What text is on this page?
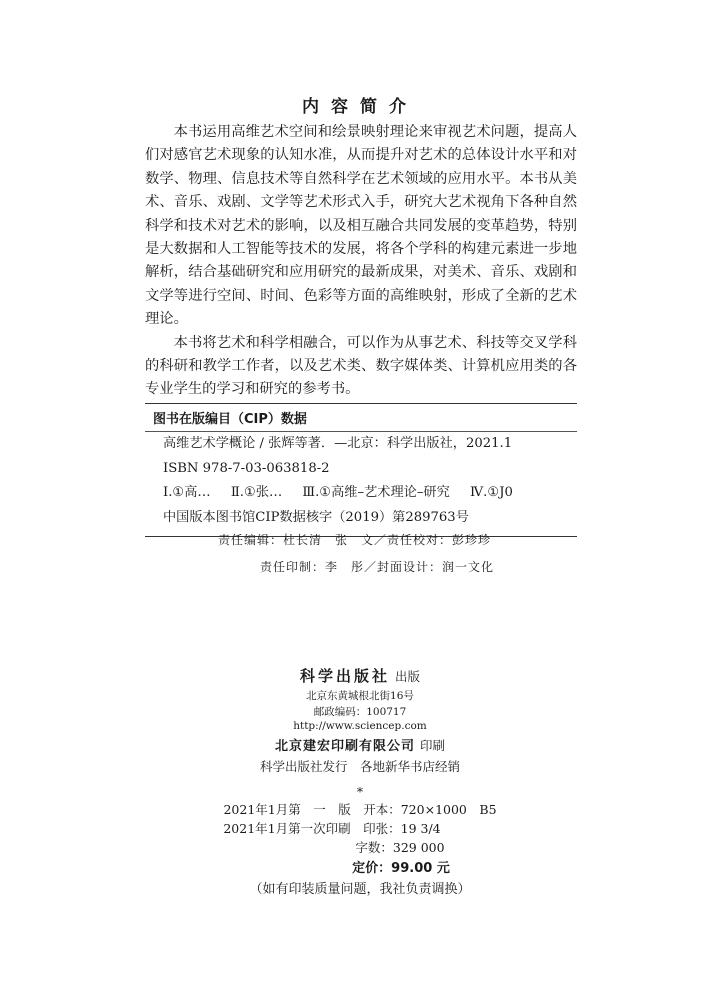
内容简介

本书运用高维艺术空间和绘景映射理论来审视艺术问题，提高人们对感官艺术现象的认知水准，从而提升对艺术的总体设计水平和对数学、物理、信息技术等自然科学在艺术领域的应用水平。本书从美术、音乐、戏剧、文学等艺术形式入手，研究大艺术视角下各种自然科学和技术对艺术的影响，以及相互融合共同发展的变革趋势，特别是大数据和人工智能等技术的发展，将各个学科的构建元素进一步地解析，结合基础研究和应用研究的最新成果，对美术、音乐、戏剧和文学等进行空间、时间、色彩等方面的高维映射，形成了全新的艺术理论。

本书将艺术和科学相融合，可以作为从事艺术、科技等交叉学科的科研和教学工作者，以及艺术类、数字媒体类、计算机应用类的各专业学生的学习和研究的参考书。

图书在版编目（CIP）数据
高维艺术学概论 / 张辉等著．—北京：科学出版社，2021.1
ISBN 978-7-03-063818-2
Ⅰ.①高… Ⅱ.①张… Ⅲ.①高维–艺术理论–研究 Ⅳ.①J0
中国版本图书馆CIP数据核字（2019）第289763号
责任编辑：杜长清　张　文／责任校对：彭珍珍
责任印制：李　彤／封面设计：润一文化
科学出版社 出版
北京东黄城根北街16号
邮政编码：100717
http://www.sciencep.com
北京建宏印刷有限公司 印刷
科学出版社发行　各地新华书店经销
*
2021年1月第　一　版　开本：720×1000　B5
2021年1月第一次印刷　印张：19 3/4
字数：329 000
定价：99.00 元
（如有印装质量问题，我社负责调换）
